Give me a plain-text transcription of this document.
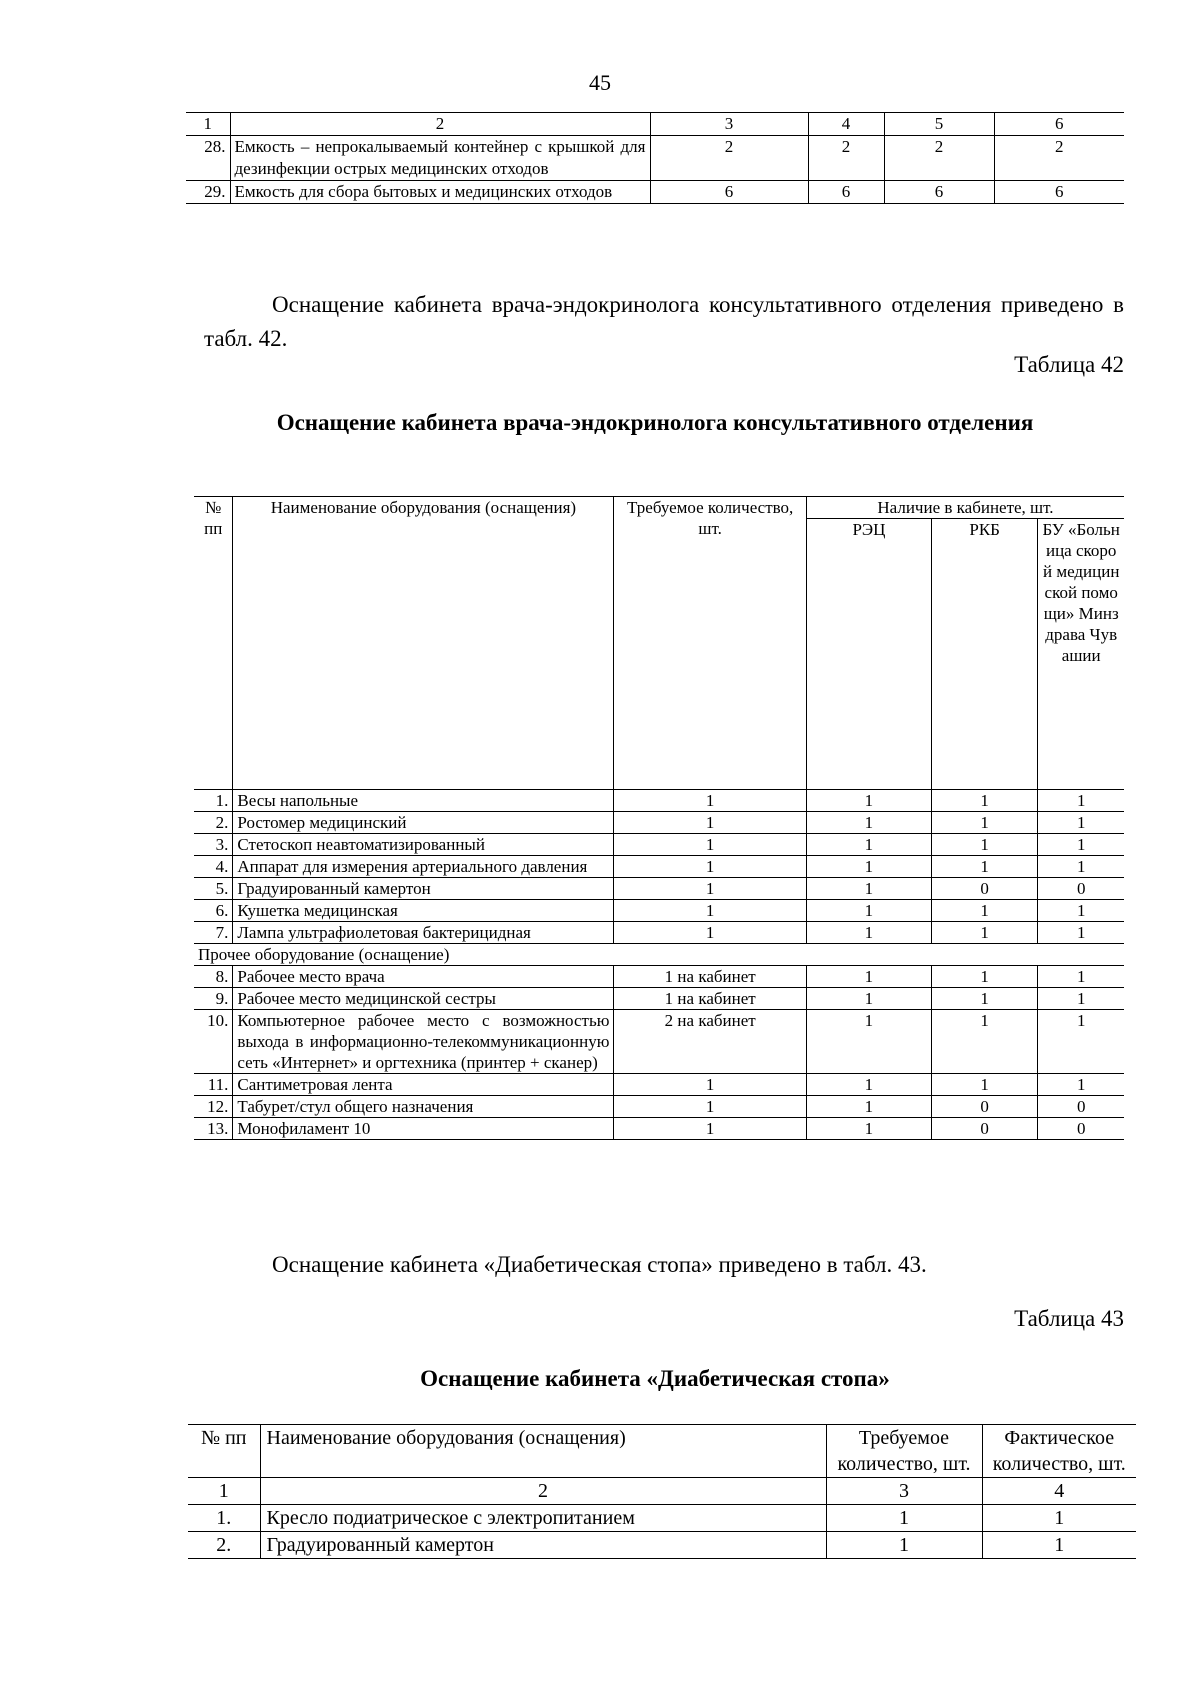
45
1	2	3	4	5	6
28.	Емкость – непрокалываемый контейнер с крышкой для дезинфекции острых медицинских отходов	2	2	2	2
29.	Емкость для сбора бытовых и медицинских отходов	6	6	6	6
Оснащение кабинета врача-эндокринолога консультативного отделения приведено в табл. 42.
Таблица 42
Оснащение кабинета врача-эндокринолога консультативного отделения
№ пп	Наименование оборудования (оснащения)	Требуемое количество, шт.	Наличие в кабинете, шт.		
			РЭЦ	РКБ	БУ «Больница скорой медицинской помощи» Минздрава Чувашии
1.	Весы напольные	1	1	1	1
2.	Ростомер медицинский	1	1	1	1
3.	Стетоскоп неавтоматизированный	1	1	1	1
4.	Аппарат для измерения артериального давления	1	1	1	1
5.	Градуированный камертон	1	1	0	0
6.	Кушетка медицинская	1	1	1	1
7.	Лампа ультрафиолетовая бактерицидная	1	1	1	1
Прочее оборудование (оснащение)					
8.	Рабочее место врача	1 на кабинет	1	1	1
9.	Рабочее место медицинской сестры	1 на кабинет	1	1	1
10.	Компьютерное рабочее место с возможностью выхода в информационно-телекоммуникационную сеть «Интернет» и оргтехника (принтер + сканер)	2 на кабинет	1	1	1
11.	Сантиметровая лента	1	1	1	1
12.	Табурет/стул общего назначения	1	1	0	0
13.	Монофиламент 10	1	1	0	0
Оснащение кабинета «Диабетическая стопа» приведено в табл. 43.
Таблица 43
Оснащение кабинета «Диабетическая стопа»
№ пп	Наименование оборудования (оснащения)	Требуемое количество, шт.	Фактическое количество, шт.
1	2	3	4
1.	Кресло подиатрическое с электропитанием	1	1
2.	Градуированный камертон	1	1
